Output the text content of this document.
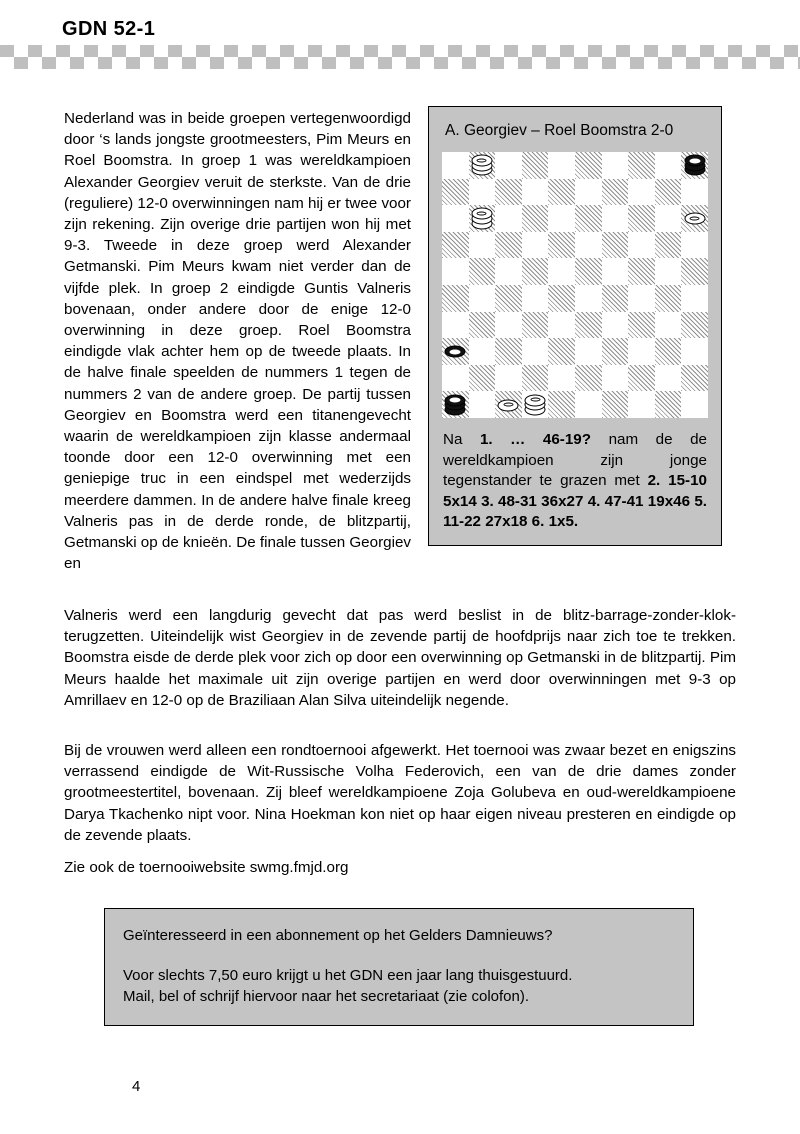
GDN 52-1
Nederland was in beide groepen vertegenwoordigd door ‘s lands jongste grootmeesters, Pim Meurs en Roel Boomstra. In groep 1 was wereldkampioen Alexander Georgiev veruit de sterkste. Van de drie (reguliere) 12-0 overwinningen nam hij er twee voor zijn rekening. Zijn overige drie partijen won hij met 9-3. Tweede in deze groep werd Alexander Getmanski. Pim Meurs kwam niet verder dan de vijfde plek. In groep 2 eindigde Guntis Valneris bovenaan, onder andere door de enige 12-0 overwinning in deze groep. Roel Boomstra eindigde vlak achter hem op de tweede plaats. In de halve finale speelden de nummers 1 tegen de nummers 2 van de andere groep. De partij tussen Georgiev en Boomstra werd een titanengevecht waarin de wereldkampioen zijn klasse andermaal toonde door een 12-0 overwinning met een geniepige truc in een eindspel met wederzijds meerdere dammen. In de andere halve finale kreeg Valneris pas in de derde ronde, de blitzpartij, Getmanski op de knieën. De finale tussen Georgiev en
Valneris werd een langdurig gevecht dat pas werd beslist in de blitz-barrage-zonder-klok-terugzetten. Uiteindelijk wist Georgiev in de zevende partij de hoofdprijs naar zich toe te trekken. Boomstra eisde de derde plek voor zich op door een overwinning op Getmanski in de blitzpartij. Pim Meurs haalde het maximale uit zijn overige partijen en werd door overwinningen met 9-3 op Amrillaev en 12-0 op de Braziliaan Alan Silva uiteindelijk negende.
Bij de vrouwen werd alleen een rondtoernooi afgewerkt. Het toernooi was zwaar bezet en enigszins verrassend eindigde de Wit-Russische Volha Federovich, een van de drie dames zonder grootmeestertitel, bovenaan. Zij bleef wereldkampioene Zoja Golubeva en oud-wereldkampioene Darya Tkachenko nipt voor. Nina Hoekman kon niet op haar eigen niveau presteren en eindigde op de zevende plaats.
Zie ook de toernooiwebsite swmg.fmjd.org
A. Georgiev – Roel Boomstra 2-0
Na 1. … 46-19? nam de de wereldkampioen zijn jonge tegenstander te grazen met 2. 15-10 5x14 3. 48-31 36x27 4. 47-41 19x46 5. 11-22 27x18 6. 1x5.
Geïnteresseerd in een abonnement op het Gelders Damnieuws?
Voor slechts 7,50 euro krijgt u het GDN een jaar lang thuisgestuurd.
Mail, bel of schrijf hiervoor naar het secretariaat (zie colofon).
4
